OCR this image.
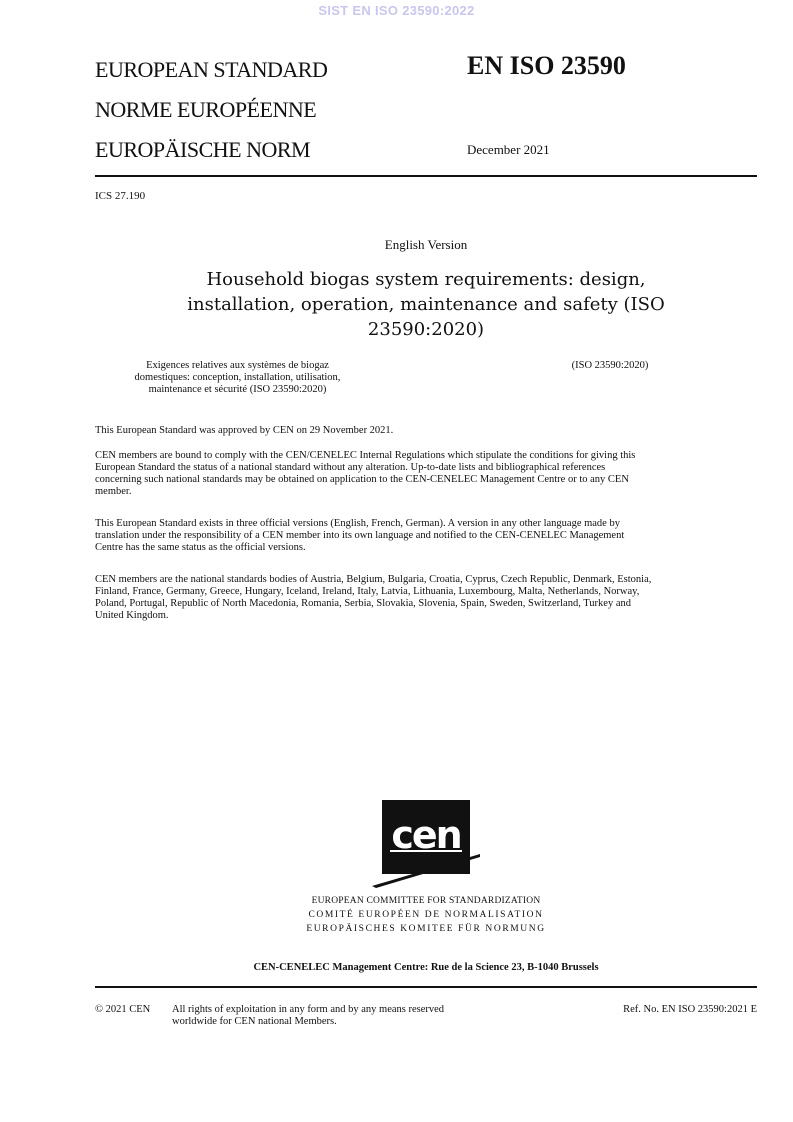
SIST EN ISO 23590:2022
EUROPEAN STANDARD
NORME EUROPÉENNE
EUROPÄISCHE NORM
EN ISO 23590
December 2021
ICS 27.190
English Version
Household biogas system requirements: design,
installation, operation, maintenance and safety (ISO
23590:2020)
Exigences relatives aux systèmes de biogaz
domestiques: conception, installation, utilisation,
maintenance et sécurité (ISO 23590:2020)
(ISO 23590:2020)
This European Standard was approved by CEN on 29 November 2021.
CEN members are bound to comply with the CEN/CENELEC Internal Regulations which stipulate the conditions for giving this
European Standard the status of a national standard without any alteration. Up-to-date lists and bibliographical references
concerning such national standards may be obtained on application to the CEN-CENELEC Management Centre or to any CEN
member.
This European Standard exists in three official versions (English, French, German). A version in any other language made by
translation under the responsibility of a CEN member into its own language and notified to the CEN-CENELEC Management
Centre has the same status as the official versions.
CEN members are the national standards bodies of Austria, Belgium, Bulgaria, Croatia, Cyprus, Czech Republic, Denmark, Estonia,
Finland, France, Germany, Greece, Hungary, Iceland, Ireland, Italy, Latvia, Lithuania, Luxembourg, Malta, Netherlands, Norway,
Poland, Portugal, Republic of North Macedonia, Romania, Serbia, Slovakia, Slovenia, Spain, Sweden, Switzerland, Turkey and
United Kingdom.
cen
EUROPEAN COMMITTEE FOR STANDARDIZATION
COMITÉ EUROPÉEN DE NORMALISATION
EUROPÄISCHES KOMITEE FÜR NORMUNG
CEN-CENELEC Management Centre: Rue de la Science 23, B-1040 Brussels
© 2021 CEN All rights of exploitation in any form and by any means reserved
worldwide for CEN national Members.
Ref. No. EN ISO 23590:2021 E
